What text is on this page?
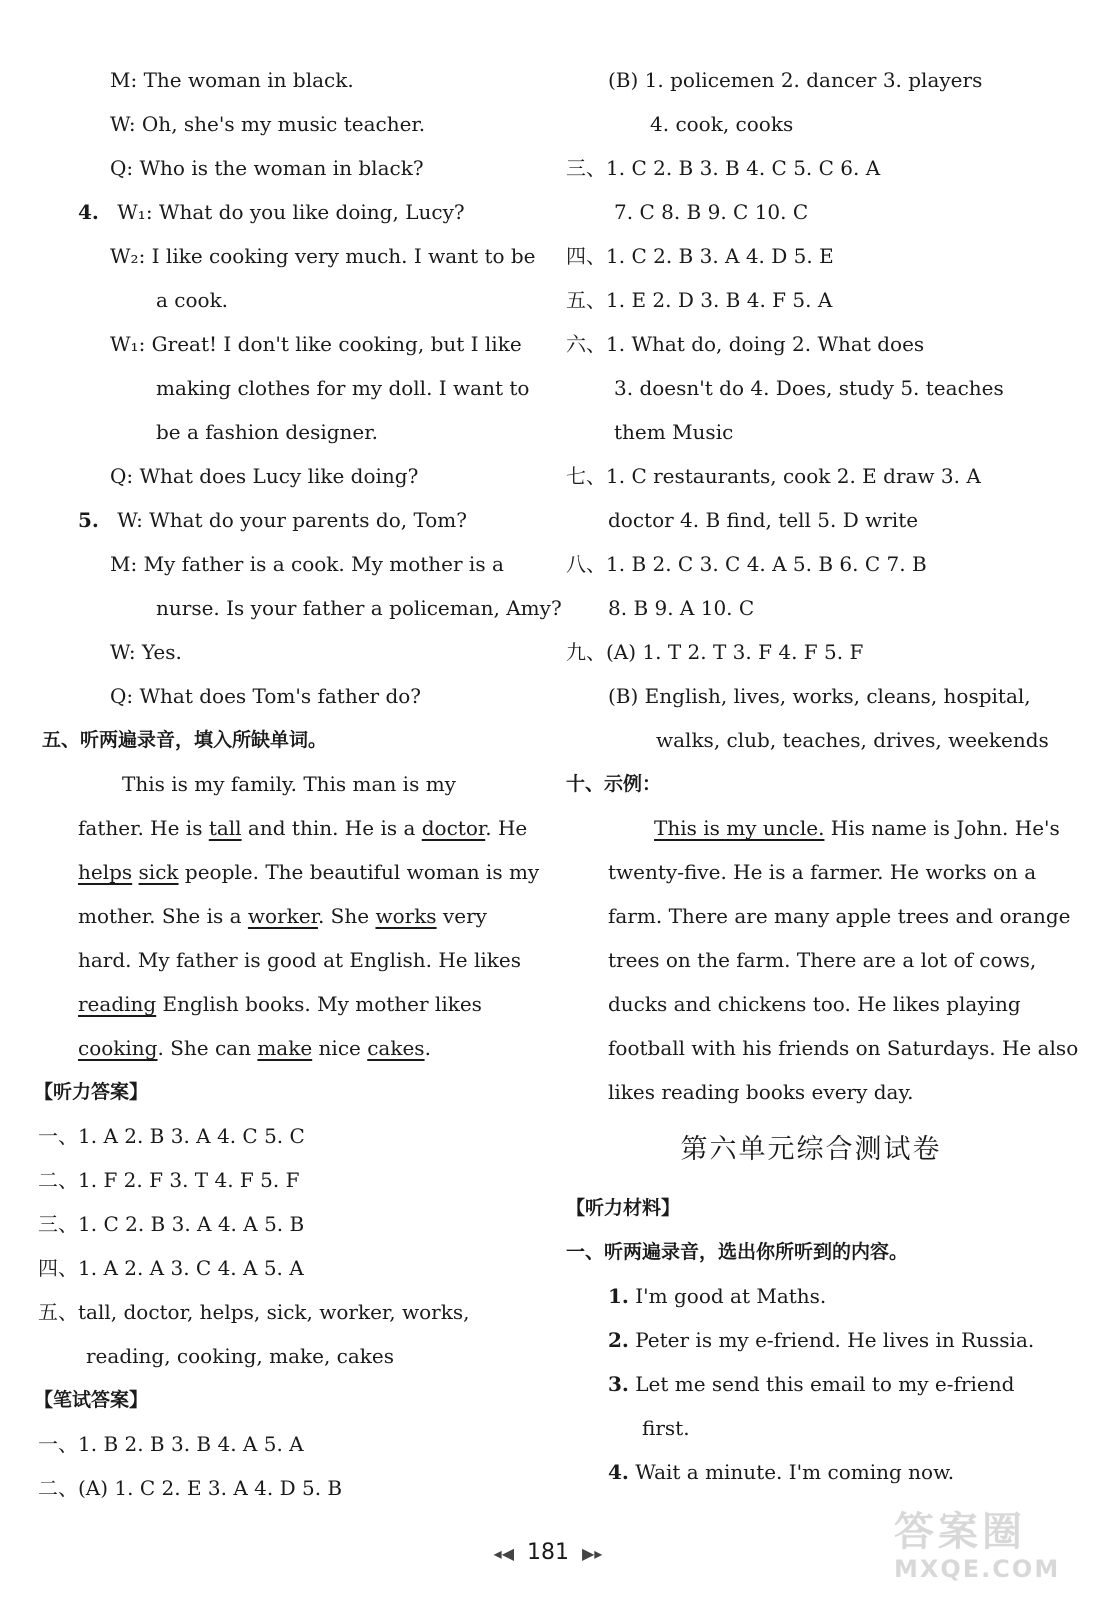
M: The woman in black.
W: Oh, she's my music teacher.
Q: Who is the woman in black?
4. W₁: What do you like doing, Lucy?
W₂: I like cooking very much. I want to be
a cook.
W₁: Great! I don't like cooking, but I like
making clothes for my doll. I want to
be a fashion designer.
Q: What does Lucy like doing?
5. W: What do your parents do, Tom?
M: My father is a cook. My mother is a
nurse. Is your father a policeman, Amy?
W: Yes.
Q: What does Tom's father do?
五、听两遍录音，填入所缺单词。
This is my family. This man is my
father. He is tall and thin. He is a doctor. He
helps sick people. The beautiful woman is my
mother. She is a worker. She works very
hard. My father is good at English. He likes
reading English books. My mother likes
cooking. She can make nice cakes.
【听力答案】
一、1. A 2. B 3. A 4. C 5. C
二、1. F 2. F 3. T 4. F 5. F
三、1. C 2. B 3. A 4. A 5. B
四、1. A 2. A 3. C 4. A 5. A
五、tall, doctor, helps, sick, worker, works,
reading, cooking, make, cakes
【笔试答案】
一、1. B 2. B 3. B 4. A 5. A
二、(A) 1. C 2. E 3. A 4. D 5. B
(B) 1. policemen 2. dancer 3. players
4. cook, cooks
三、1. C 2. B 3. B 4. C 5. C 6. A
7. C 8. B 9. C 10. C
四、1. C 2. B 3. A 4. D 5. E
五、1. E 2. D 3. B 4. F 5. A
六、1. What do, doing 2. What does
3. doesn't do 4. Does, study 5. teaches
them Music
七、1. C restaurants, cook 2. E draw 3. A
doctor 4. B find, tell 5. D write
八、1. B 2. C 3. C 4. A 5. B 6. C 7. B
8. B 9. A 10. C
九、(A) 1. T 2. T 3. F 4. F 5. F
(B) English, lives, works, cleans, hospital,
walks, club, teaches, drives, weekends
十、示例：
This is my uncle. His name is John. He's
twenty-five. He is a farmer. He works on a
farm. There are many apple trees and orange
trees on the farm. There are a lot of cows,
ducks and chickens too. He likes playing
football with his friends on Saturdays. He also
likes reading books every day.
第六单元综合测试卷
【听力材料】
一、听两遍录音，选出你所听到的内容。
1. I'm good at Maths.
2. Peter is my e-friend. He lives in Russia.
3. Let me send this email to my e-friend
first.
4. Wait a minute. I'm coming now.
◂◀ 181 ▶▸	答案圈
MXQE.COM
